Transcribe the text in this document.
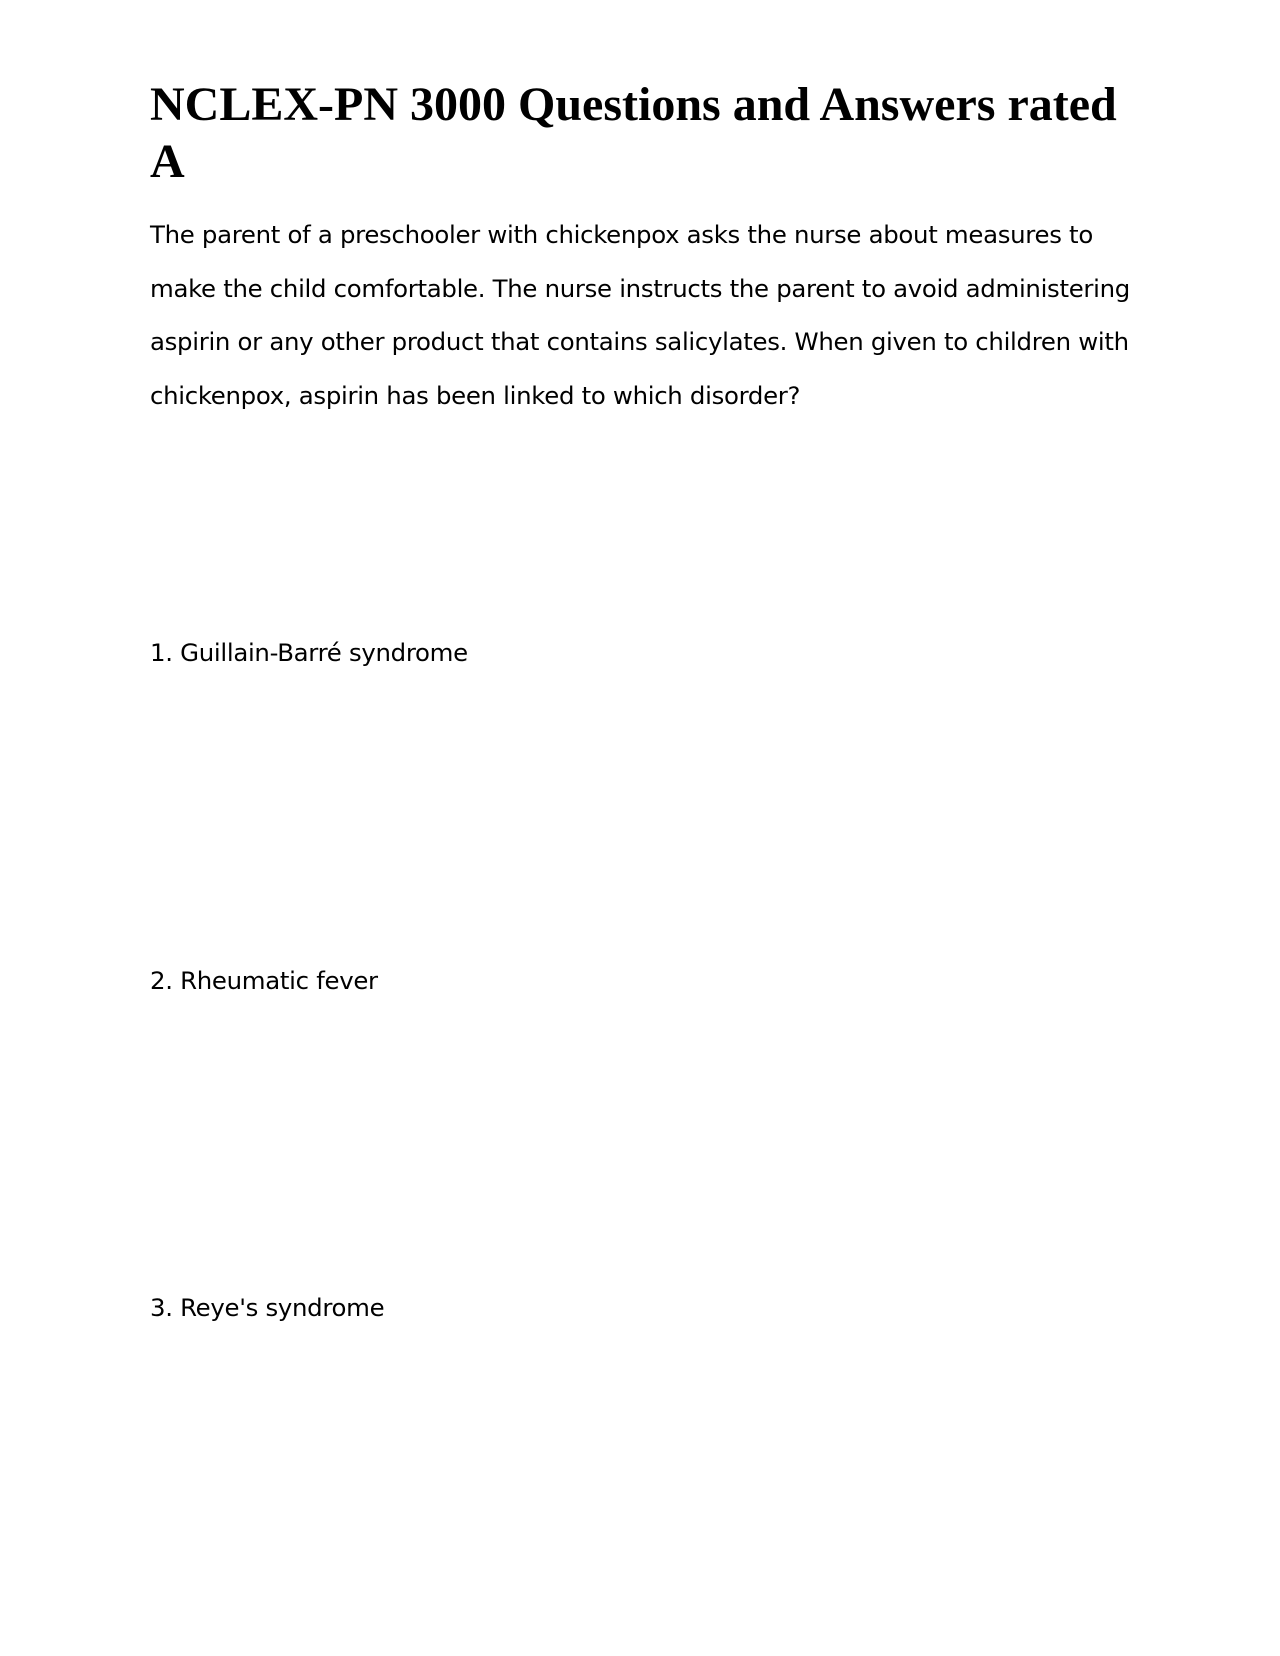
NCLEX-PN 3000 Questions and Answers rated A

The parent of a preschooler with chickenpox asks the nurse about measures to make the child comfortable. The nurse instructs the parent to avoid administering aspirin or any other product that contains salicylates. When given to children with chickenpox, aspirin has been linked to which disorder?

1. Guillain-Barré syndrome

2. Rheumatic fever

3. Reye's syndrome
